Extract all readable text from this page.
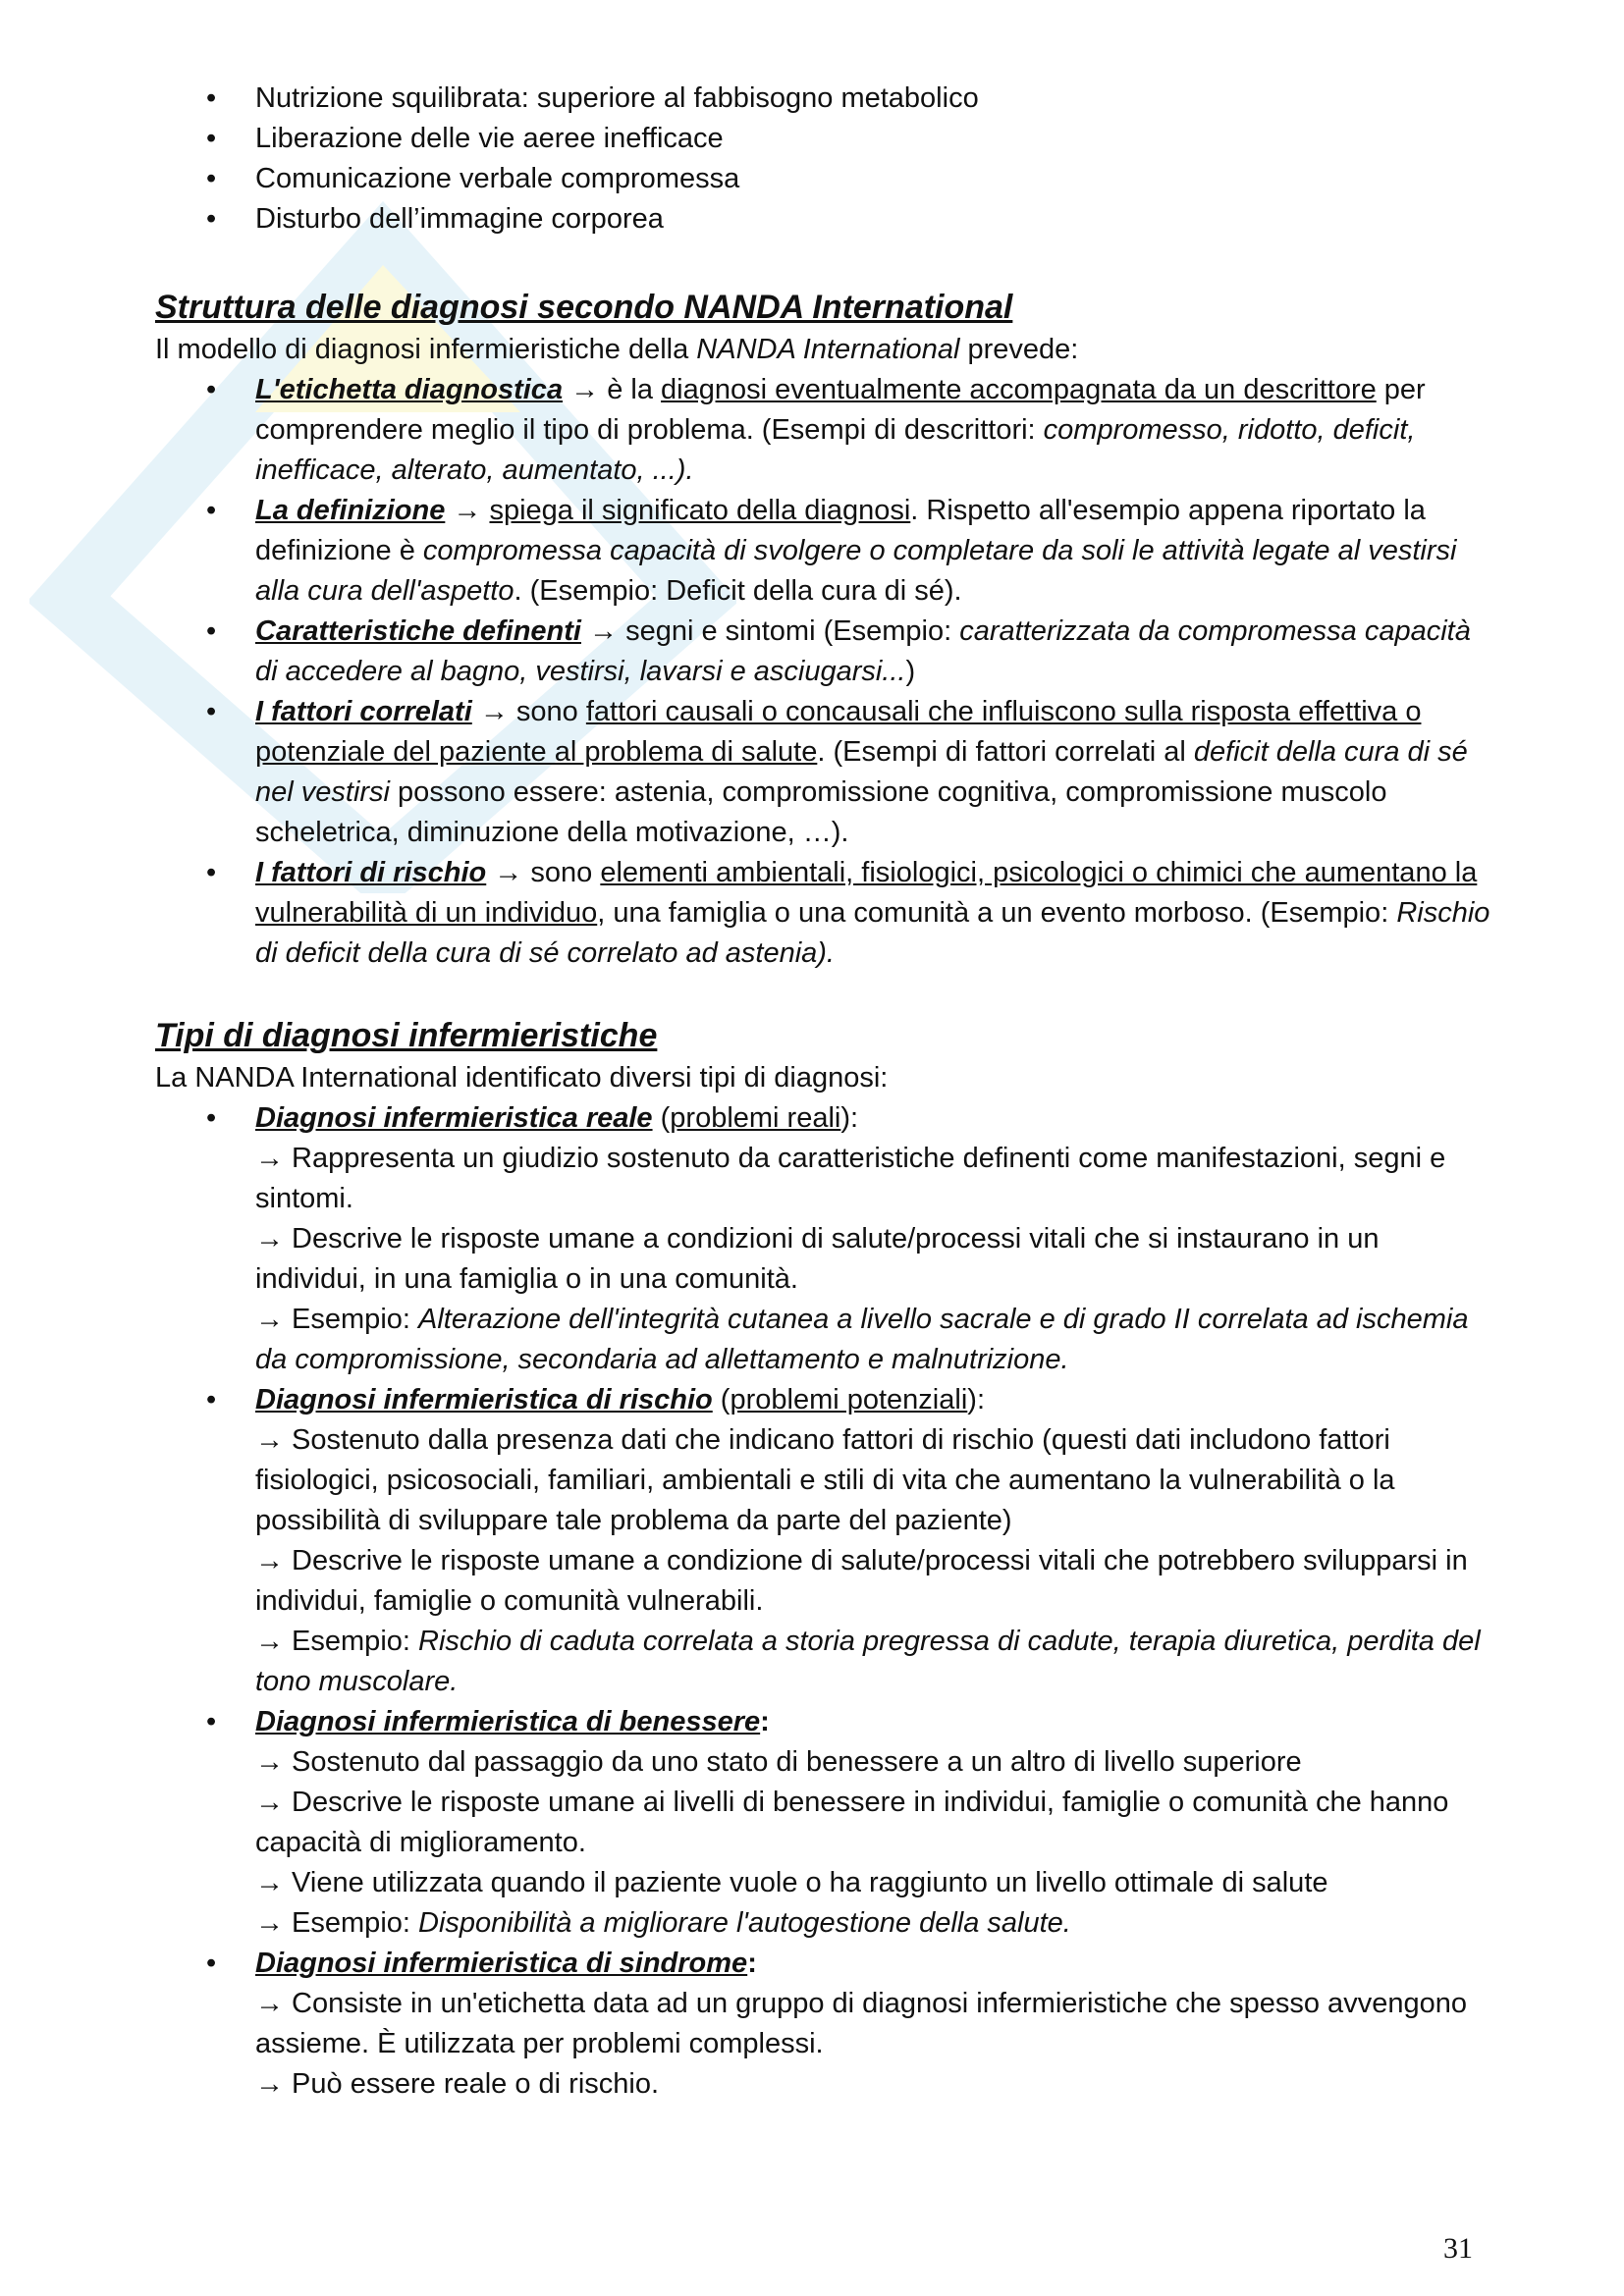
• Nutrizione squilibrata: superiore al fabbisogno metabolico
• Liberazione delle vie aeree inefficace
• Comunicazione verbale compromessa
• Disturbo dell’immagine corporea
Struttura delle diagnosi secondo NANDA International

Il modello di diagnosi infermieristiche della NANDA International prevede:

• L'etichetta diagnostica → è la diagnosi eventualmente accompagnata da un descrittore per comprendere meglio il tipo di problema. (Esempi di descrittori: compromesso, ridotto, deficit, inefficace, alterato, aumentato, ...).
• La definizione → spiega il significato della diagnosi. Rispetto all'esempio appena riportato la definizione è compromessa capacità di svolgere o completare da soli le attività legate al vestirsi alla cura dell'aspetto. (Esempio: Deficit della cura di sé).
• Caratteristiche definenti → segni e sintomi (Esempio: caratterizzata da compromessa capacità di accedere al bagno, vestirsi, lavarsi e asciugarsi...)
• I fattori correlati → sono fattori causali o concausali che influiscono sulla risposta effettiva o potenziale del paziente al problema di salute. (Esempi di fattori correlati al deficit della cura di sé nel vestirsi possono essere: astenia, compromissione cognitiva, compromissione muscolo scheletrica, diminuzione della motivazione, …).
• I fattori di rischio → sono elementi ambientali, fisiologici, psicologici o chimici che aumentano la vulnerabilità di un individuo, una famiglia o una comunità a un evento morboso. (Esempio: Rischio di deficit della cura di sé correlato ad astenia).
Tipi di diagnosi infermieristiche

La NANDA International identificato diversi tipi di diagnosi:

• Diagnosi infermieristica reale (problemi reali):
→ Rappresenta un giudizio sostenuto da caratteristiche definenti come manifestazioni, segni e sintomi.
→ Descrive le risposte umane a condizioni di salute/processi vitali che si instaurano in un individui, in una famiglia o in una comunità.
→ Esempio: Alterazione dell'integrità cutanea a livello sacrale e di grado II correlata ad ischemia da compromissione, secondaria ad allettamento e malnutrizione.
• Diagnosi infermieristica di rischio (problemi potenziali):
→ Sostenuto dalla presenza dati che indicano fattori di rischio (questi dati includono fattori fisiologici, psicosociali, familiari, ambientali e stili di vita che aumentano la vulnerabilità o la possibilità di sviluppare tale problema da parte del paziente)
→ Descrive le risposte umane a condizione di salute/processi vitali che potrebbero svilupparsi in individui, famiglie o comunità vulnerabili.
→ Esempio: Rischio di caduta correlata a storia pregressa di cadute, terapia diuretica, perdita del tono muscolare.
• Diagnosi infermieristica di benessere:
→ Sostenuto dal passaggio da uno stato di benessere a un altro di livello superiore
→ Descrive le risposte umane ai livelli di benessere in individui, famiglie o comunità che hanno capacità di miglioramento.
→ Viene utilizzata quando il paziente vuole o ha raggiunto un livello ottimale di salute
→ Esempio: Disponibilità a migliorare l'autogestione della salute.
• Diagnosi infermieristica di sindrome:
→ Consiste in un'etichetta data ad un gruppo di diagnosi infermieristiche che spesso avvengono assieme. È utilizzata per problemi complessi.
→ Può essere reale o di rischio.
31
